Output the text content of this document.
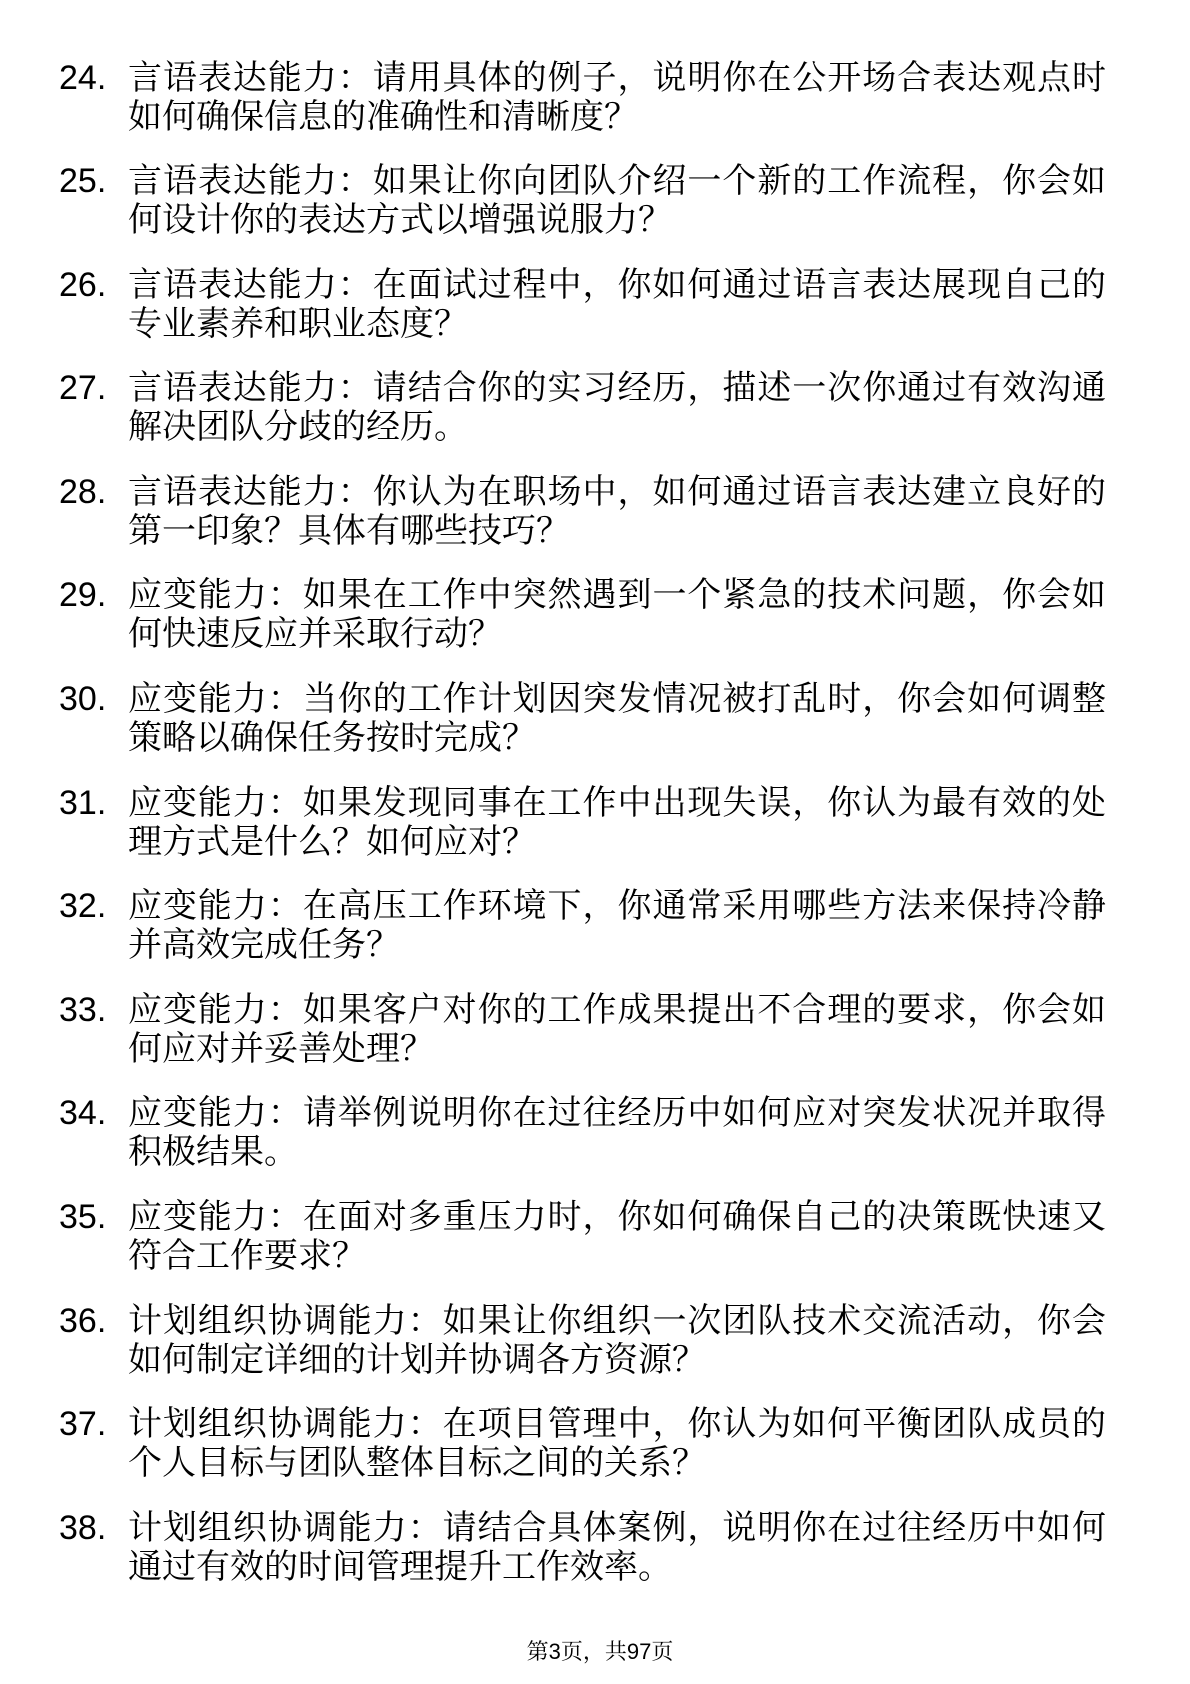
24. 言语表达能力：请用具体的例子，说明你在公开场合表达观点时
如何确保信息的准确性和清晰度？
25. 言语表达能力：如果让你向团队介绍一个新的工作流程，你会如
何设计你的表达方式以增强说服力？
26. 言语表达能力：在面试过程中，你如何通过语言表达展现自己的
专业素养和职业态度？
27. 言语表达能力：请结合你的实习经历，描述一次你通过有效沟通
解决团队分歧的经历。
28. 言语表达能力：你认为在职场中，如何通过语言表达建立良好的
第一印象？具体有哪些技巧？
29. 应变能力：如果在工作中突然遇到一个紧急的技术问题，你会如
何快速反应并采取行动？
30. 应变能力：当你的工作计划因突发情况被打乱时，你会如何调整
策略以确保任务按时完成？
31. 应变能力：如果发现同事在工作中出现失误，你认为最有效的处
理方式是什么？如何应对？
32. 应变能力：在高压工作环境下，你通常采用哪些方法来保持冷静
并高效完成任务？
33. 应变能力：如果客户对你的工作成果提出不合理的要求，你会如
何应对并妥善处理？
34. 应变能力：请举例说明你在过往经历中如何应对突发状况并取得
积极结果。
35. 应变能力：在面对多重压力时，你如何确保自己的决策既快速又
符合工作要求？
36. 计划组织协调能力：如果让你组织一次团队技术交流活动，你会
如何制定详细的计划并协调各方资源？
37. 计划组织协调能力：在项目管理中，你认为如何平衡团队成员的
个人目标与团队整体目标之间的关系？
38. 计划组织协调能力：请结合具体案例，说明你在过往经历中如何
通过有效的时间管理提升工作效率。
第3页，共97页
